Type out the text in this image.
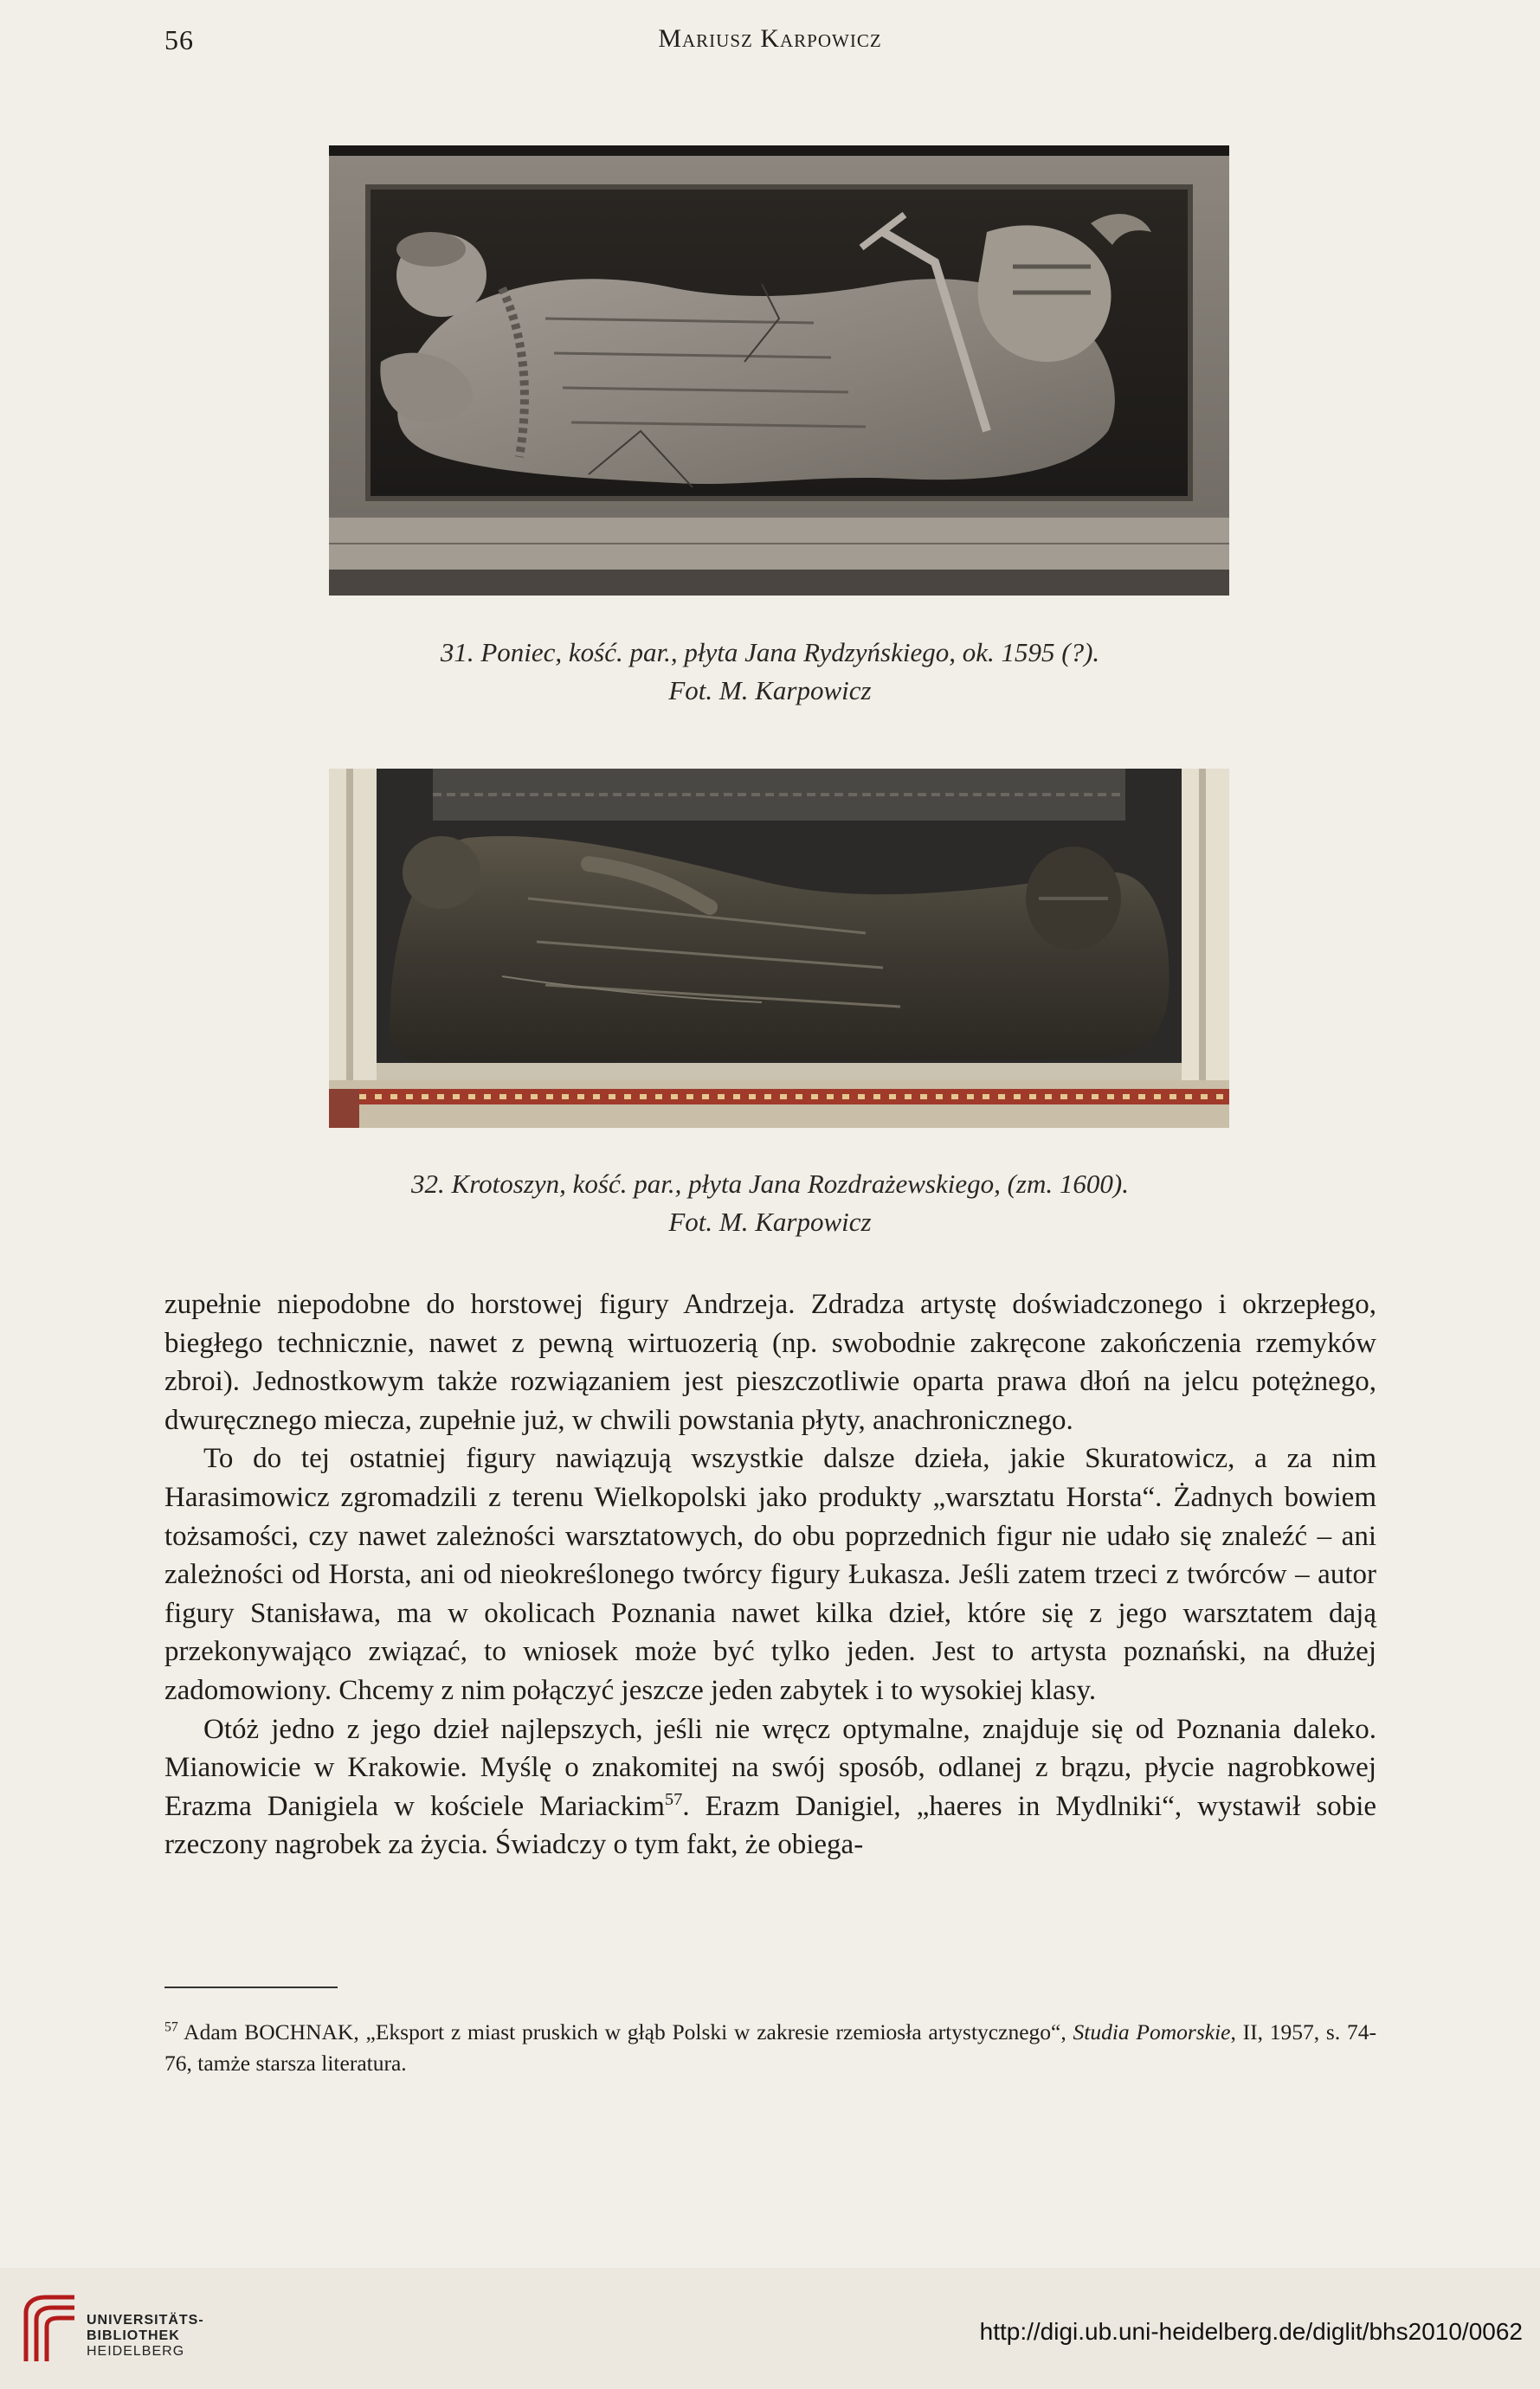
56	Mariusz Karpowicz
31. Poniec, kość. par., płyta Jana Rydzyńskiego, ok. 1595 (?).
Fot. M. Karpowicz
32. Krotoszyn, kość. par., płyta Jana Rozdrażewskiego, (zm. 1600).
Fot. M. Karpowicz

zupełnie niepodobne do horstowej figury Andrzeja. Zdradza artystę doświadczonego i okrzepłego, biegłego technicznie, nawet z pewną wirtuozerią (np. swobodnie zakręcone zakończenia rzemyków zbroi). Jednostkowym także rozwiązaniem jest pieszczotliwie oparta prawa dłoń na jelcu potężnego, dwuręcznego miecza, zupełnie już, w chwili powstania płyty, anachronicznego.

To do tej ostatniej figury nawiązują wszystkie dalsze dzieła, jakie Skuratowicz, a za nim Harasimowicz zgromadzili z terenu Wielkopolski jako produkty „warsztatu Horsta“. Żadnych bowiem tożsamości, czy nawet zależności warsztatowych, do obu poprzednich figur nie udało się znaleźć – ani zależności od Horsta, ani od nieokreślonego twórcy figury Łukasza. Jeśli zatem trzeci z twórców – autor figury Stanisława, ma w okolicach Poznania nawet kilka dzieł, które się z jego warsztatem dają przekonywająco związać, to wniosek może być tylko jeden. Jest to artysta poznański, na dłużej zadomowiony. Chcemy z nim połączyć jeszcze jeden zabytek i to wysokiej klasy.

Otóż jedno z jego dzieł najlepszych, jeśli nie wręcz optymalne, znajduje się od Poznania daleko. Mianowicie w Krakowie. Myślę o znakomitej na swój sposób, odlanej z brązu, płycie nagrobkowej Erazma Danigiela w kościele Mariackim$^{57}$. Erazm Danigiel, „haeres in Mydlniki“, wystawił sobie rzeczony nagrobek za życia. Świadczy o tym fakt, że obiega-

$^{57}$ Adam BOCHNAK, „Eksport z miast pruskich w głąb Polski w zakresie rzemiosła artystycznego“, Studia Pomorskie, II, 1957, s. 74-76, tamże starsza literatura.
UNIVERSITÄTS-
BIBLIOTHEK
HEIDELBERG
http://digi.ub.uni-heidelberg.de/diglit/bhs2010/0062
